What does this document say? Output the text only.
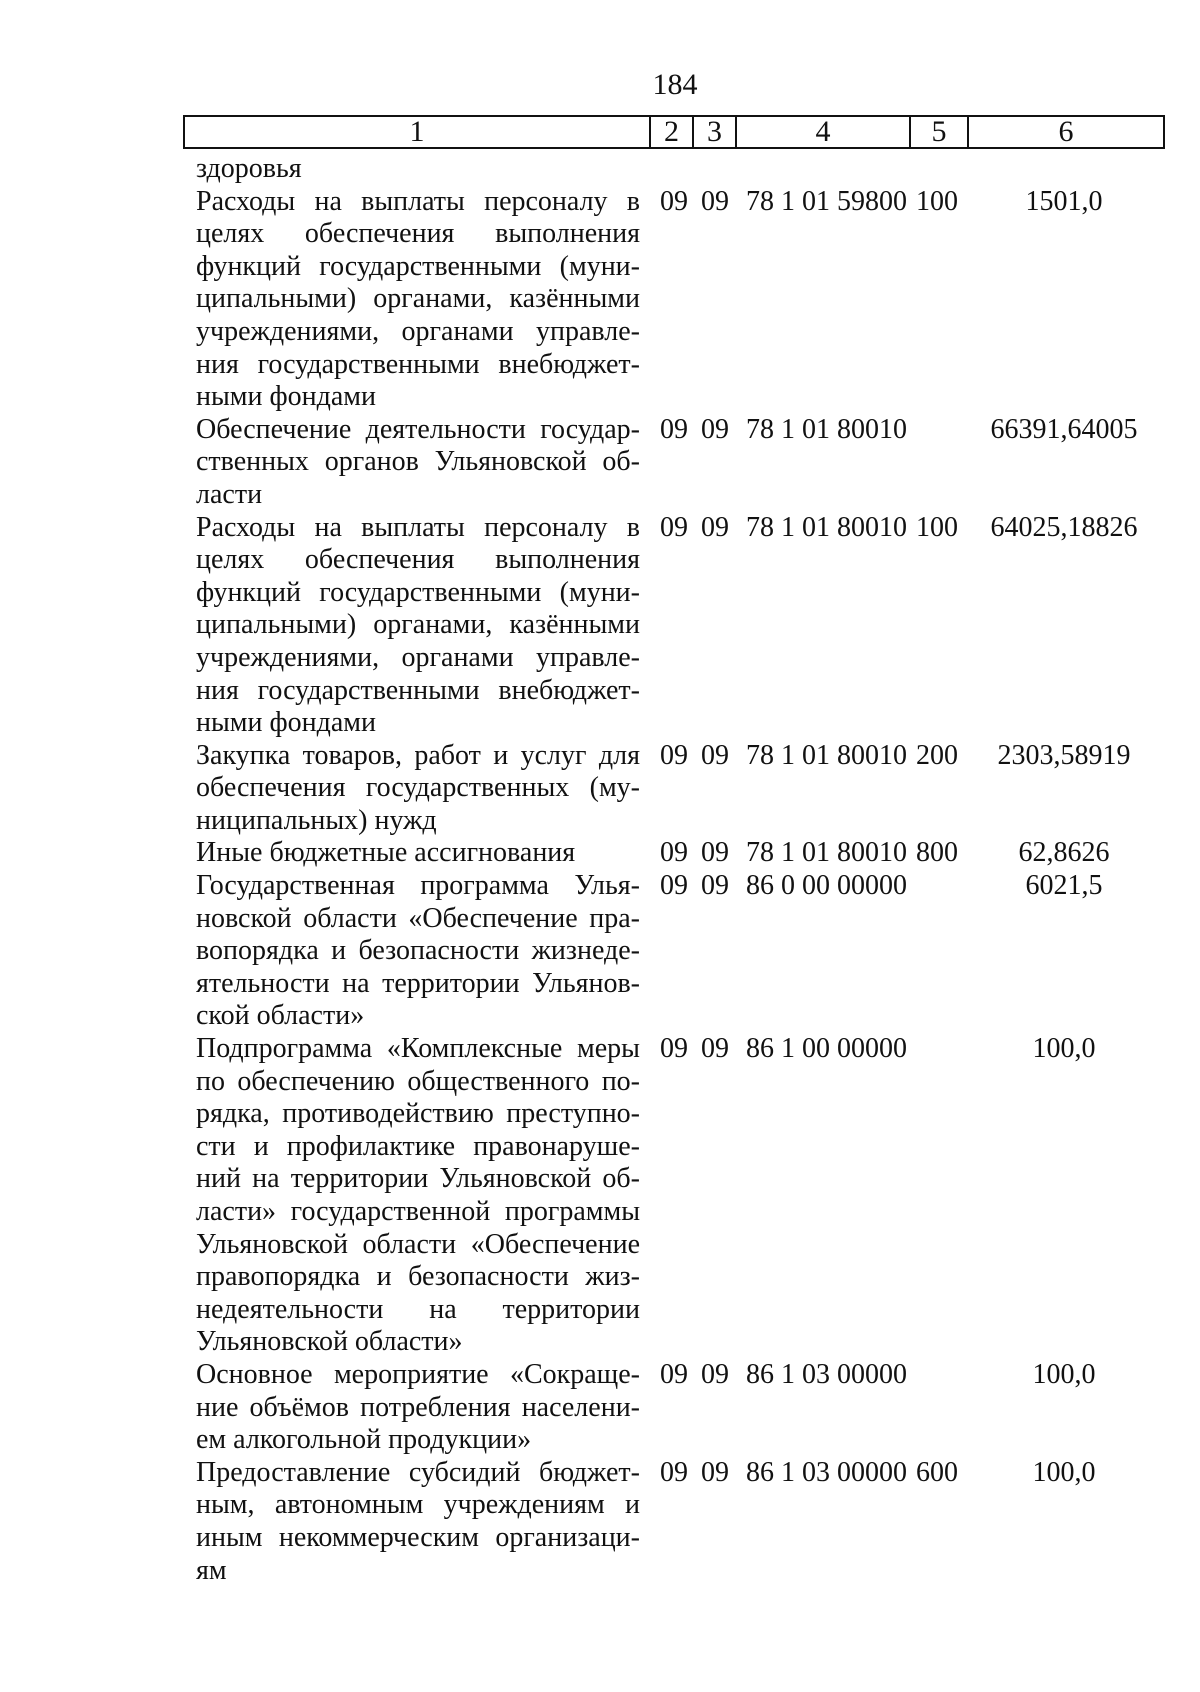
184
1	2	3	4	5	6
здоровья
Расходы на выплаты персоналу в
целях обеспечения выполнения
функций государственными (муни-
ципальными) органами, казёнными
учреждениями, органами управле-
ния государственными внебюджет-
ными фондами
09 09 78 1 01 59800 100	1501,0
Обеспечение деятельности государ-
ственных органов Ульяновской об-
ласти
09 09 78 1 01 80010	66391,64005
Расходы на выплаты персоналу в
целях обеспечения выполнения
функций государственными (муни-
ципальными) органами, казёнными
учреждениями, органами управле-
ния государственными внебюджет-
ными фондами
09 09 78 1 01 80010 100	64025,18826
Закупка товаров, работ и услуг для
обеспечения государственных (му-
ниципальных) нужд
09 09 78 1 01 80010 200	2303,58919
Иные бюджетные ассигнования	09 09 78 1 01 80010 800	62,8626
Государственная программа Улья-
новской области «Обеспечение пра-
вопорядка и безопасности жизнеде-
ятельности на территории Ульянов-
ской области»
09 09 86 0 00 00000	6021,5
Подпрограмма «Комплексные меры
по обеспечению общественного по-
рядка, противодействию преступно-
сти и профилактике правонаруше-
ний на территории Ульяновской об-
ласти» государственной программы
Ульяновской области «Обеспечение
правопорядка и безопасности жиз-
недеятельности на территории
Ульяновской области»
09 09 86 1 00 00000	100,0
Основное мероприятие «Сокраще-
ние объёмов потребления населени-
ем алкогольной продукции»
09 09 86 1 03 00000	100,0
Предоставление субсидий бюджет-
ным, автономным учреждениям и
иным некоммерческим организаци-
ям
09 09 86 1 03 00000 600	100,0
